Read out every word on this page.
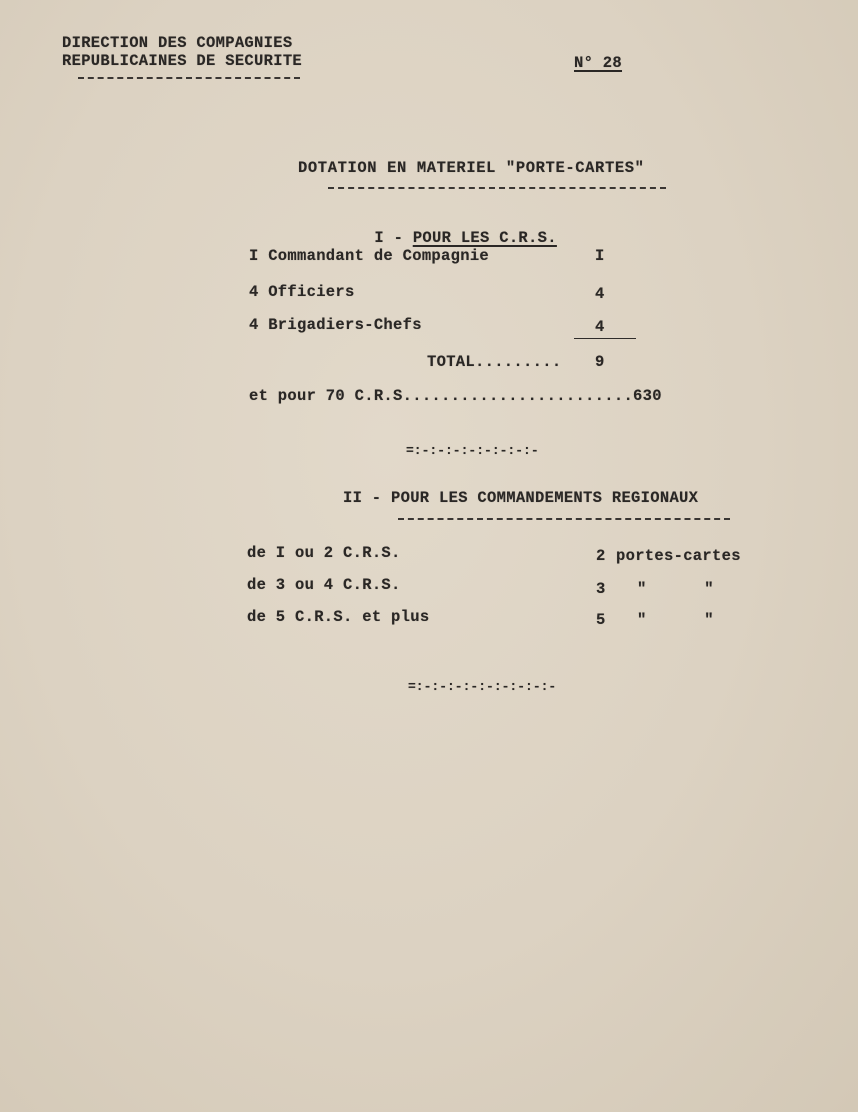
DIRECTION DES COMPAGNIES
REPUBLICAINES DE SECURITE	N° 28
DOTATION EN MATERIEL "PORTE-CARTES"

I - POUR LES C.R.S.

I Commandant de Compagnie	I
4 Officiers	4
4 Brigadiers-Chefs	4
TOTAL......... 9
et pour 70 C.R.S........................630
=:-:-:-:-:-:-:-:-
II - POUR LES COMMANDEMENTS REGIONAUX
de I ou 2 C.R.S.	2 portes-cartes
de 3 ou 4 C.R.S.	3 "      "
de 5 C.R.S. et plus	5 "      "
=:-:-:-:-:-:-:-:-:-
